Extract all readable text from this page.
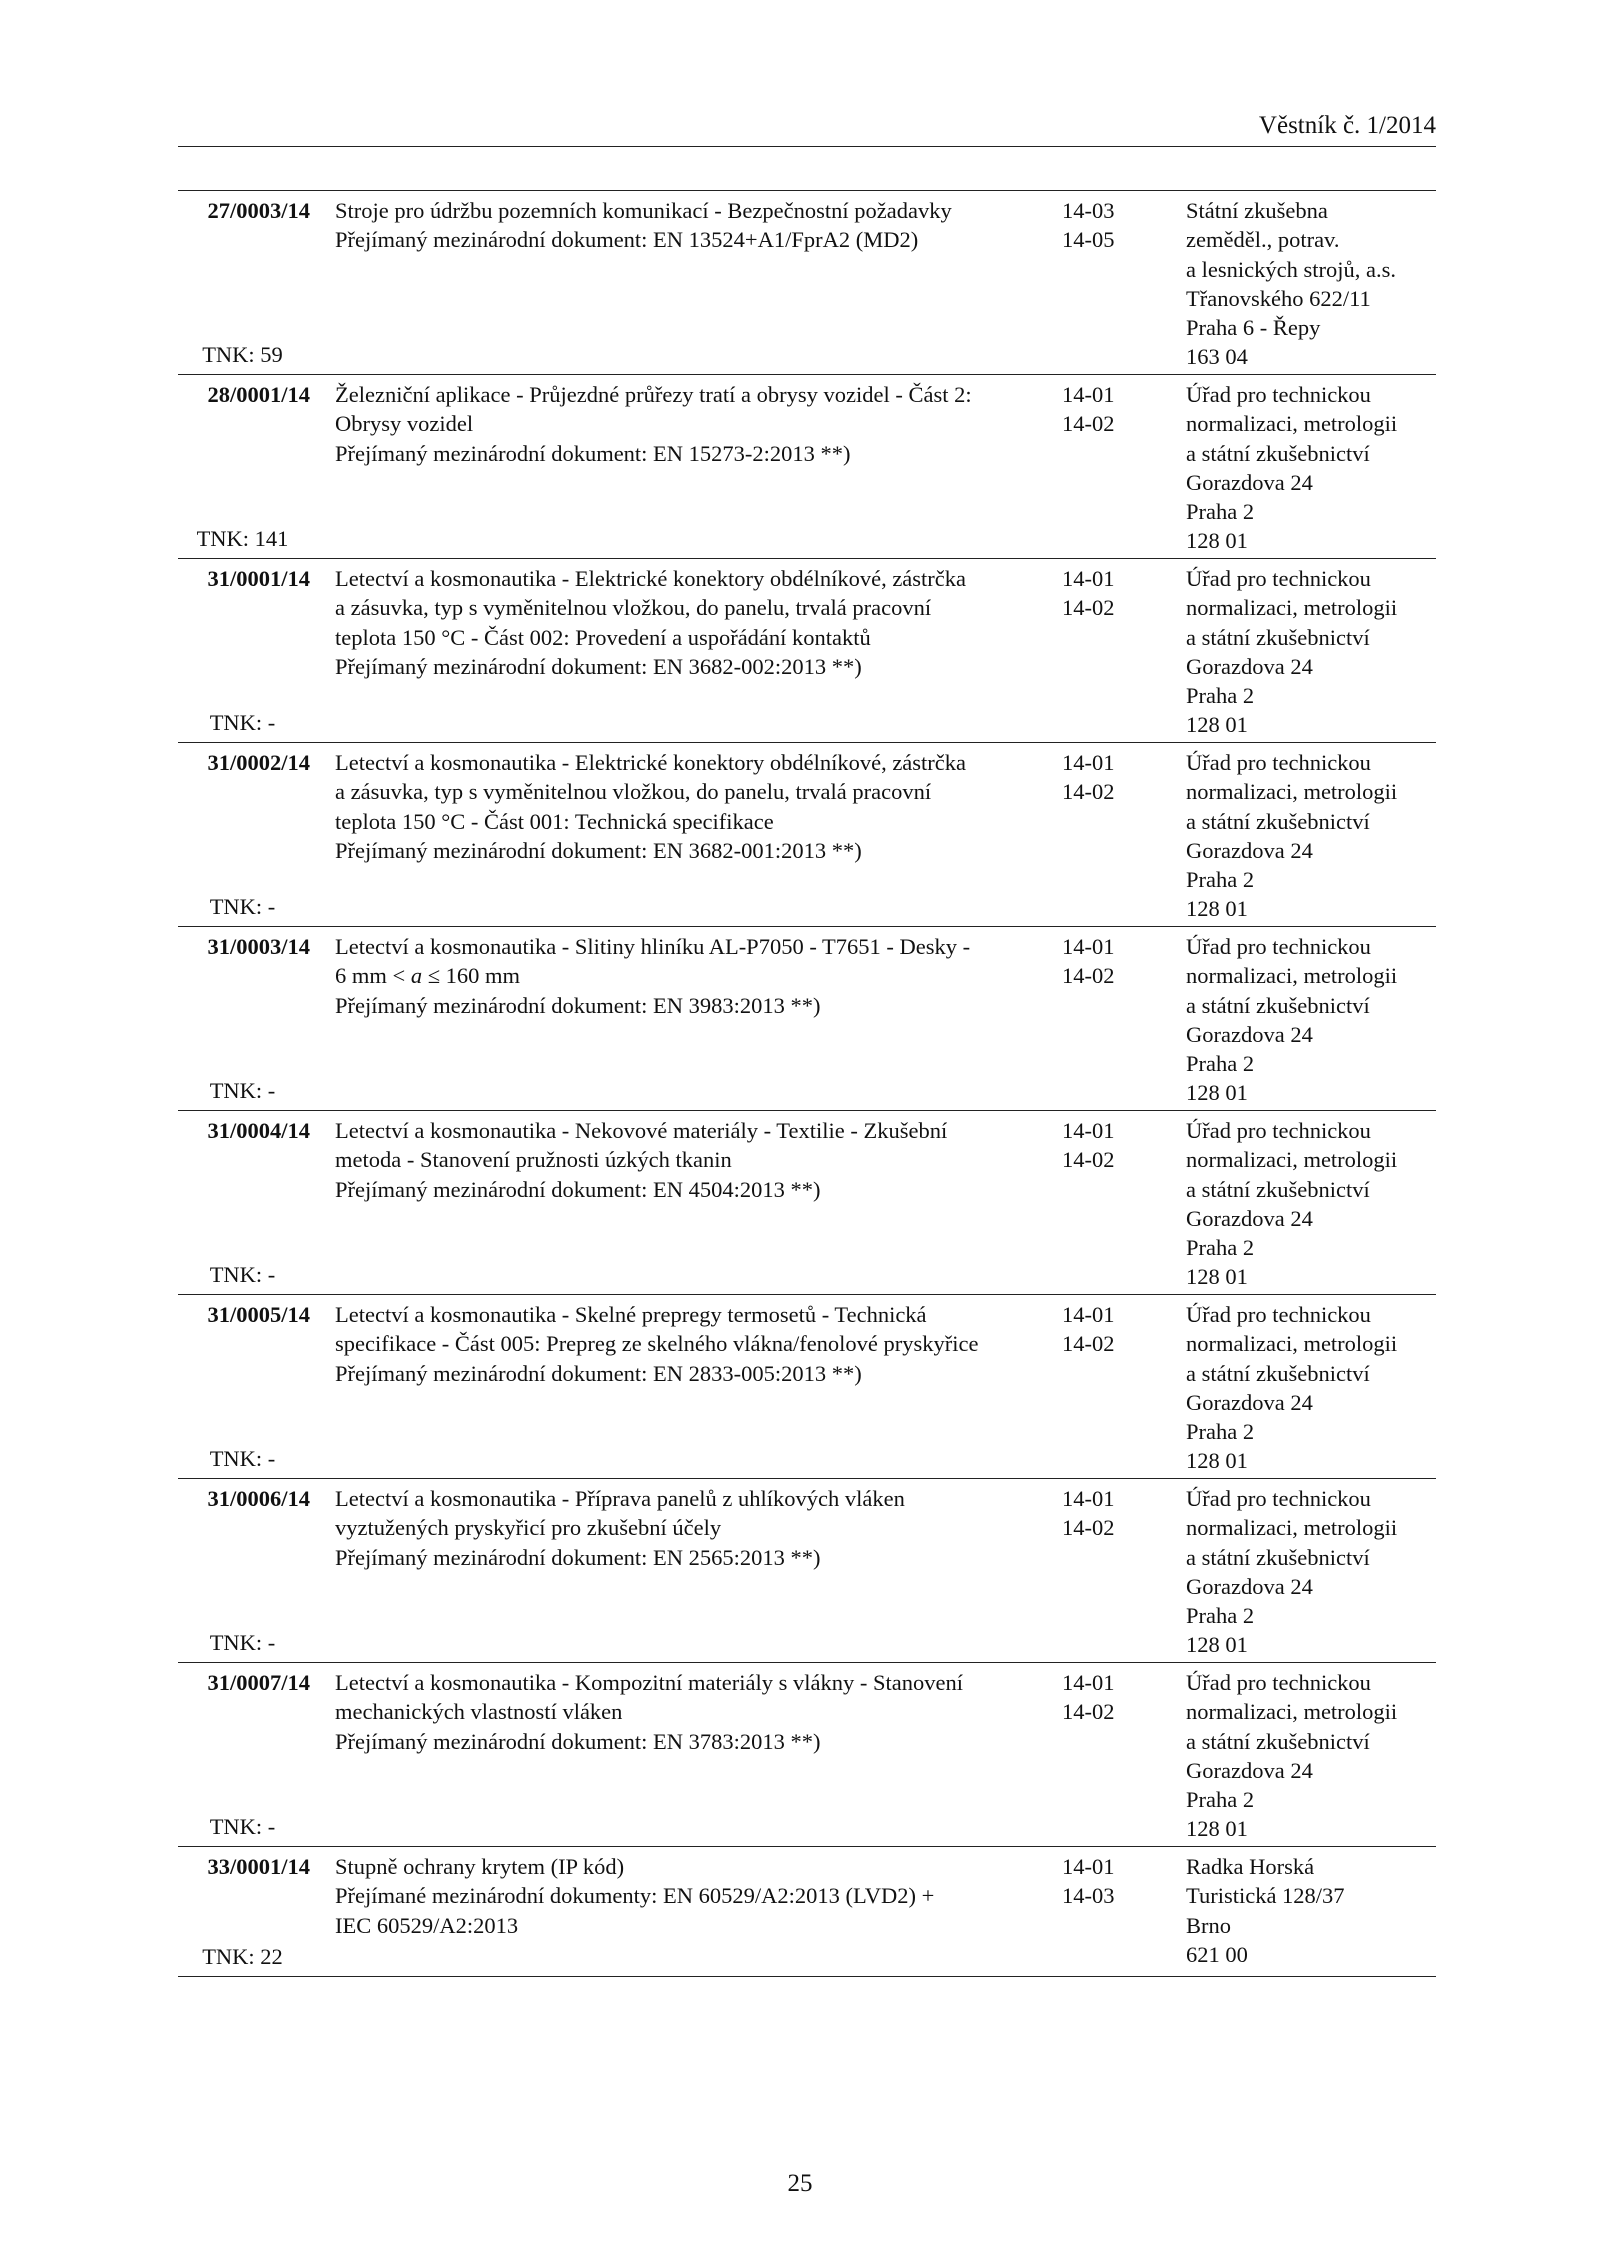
Věstník č. 1/2014
27/0003/14
TNK: 59
Stroje pro údržbu pozemních komunikací - Bezpečnostní požadavky
Přejímaný mezinárodní dokument: EN 13524+A1/FprA2 (MD2)
14-03
14-05
Státní zkušebna
zeměděl., potrav.
a lesnických strojů, a.s.
Třanovského 622/11
Praha 6 - Řepy
163 04
28/0001/14
TNK: 141
Železniční aplikace - Průjezdné průřezy tratí a obrysy vozidel - Část 2:
Obrysy vozidel
Přejímaný mezinárodní dokument: EN 15273-2:2013 **)
14-01
14-02
Úřad pro technickou
normalizaci, metrologii
a státní zkušebnictví
Gorazdova 24
Praha 2
128 01
31/0001/14
TNK: -
Letectví a kosmonautika - Elektrické konektory obdélníkové, zástrčka
a zásuvka, typ s vyměnitelnou vložkou, do panelu, trvalá pracovní
teplota 150 °C - Část 002: Provedení a uspořádání kontaktů
Přejímaný mezinárodní dokument: EN 3682-002:2013 **)
14-01
14-02
Úřad pro technickou
normalizaci, metrologii
a státní zkušebnictví
Gorazdova 24
Praha 2
128 01
31/0002/14
TNK: -
Letectví a kosmonautika - Elektrické konektory obdélníkové, zástrčka
a zásuvka, typ s vyměnitelnou vložkou, do panelu, trvalá pracovní
teplota 150 °C - Část 001: Technická specifikace
Přejímaný mezinárodní dokument: EN 3682-001:2013 **)
14-01
14-02
Úřad pro technickou
normalizaci, metrologii
a státní zkušebnictví
Gorazdova 24
Praha 2
128 01
31/0003/14
TNK: -
Letectví a kosmonautika - Slitiny hliníku AL-P7050 - T7651 - Desky -
6 mm < a ≤ 160 mm
Přejímaný mezinárodní dokument: EN 3983:2013 **)
14-01
14-02
Úřad pro technickou
normalizaci, metrologii
a státní zkušebnictví
Gorazdova 24
Praha 2
128 01
31/0004/14
TNK: -
Letectví a kosmonautika - Nekovové materiály - Textilie - Zkušební
metoda - Stanovení pružnosti úzkých tkanin
Přejímaný mezinárodní dokument: EN 4504:2013 **)
14-01
14-02
Úřad pro technickou
normalizaci, metrologii
a státní zkušebnictví
Gorazdova 24
Praha 2
128 01
31/0005/14
TNK: -
Letectví a kosmonautika - Skelné prepregy termosetů - Technická
specifikace - Část 005: Prepreg ze skelného vlákna/fenolové pryskyřice
Přejímaný mezinárodní dokument: EN 2833-005:2013 **)
14-01
14-02
Úřad pro technickou
normalizaci, metrologii
a státní zkušebnictví
Gorazdova 24
Praha 2
128 01
31/0006/14
TNK: -
Letectví a kosmonautika - Příprava panelů z uhlíkových vláken
vyztužených pryskyřicí pro zkušební účely
Přejímaný mezinárodní dokument: EN 2565:2013 **)
14-01
14-02
Úřad pro technickou
normalizaci, metrologii
a státní zkušebnictví
Gorazdova 24
Praha 2
128 01
31/0007/14
TNK: -
Letectví a kosmonautika - Kompozitní materiály s vlákny - Stanovení
mechanických vlastností vláken
Přejímaný mezinárodní dokument: EN 3783:2013 **)
14-01
14-02
Úřad pro technickou
normalizaci, metrologii
a státní zkušebnictví
Gorazdova 24
Praha 2
128 01
33/0001/14
TNK: 22
Stupně ochrany krytem (IP kód)
Přejímané mezinárodní dokumenty: EN 60529/A2:2013 (LVD2) +
IEC 60529/A2:2013
14-01
14-03
Radka Horská
Turistická 128/37
Brno
621 00
25
